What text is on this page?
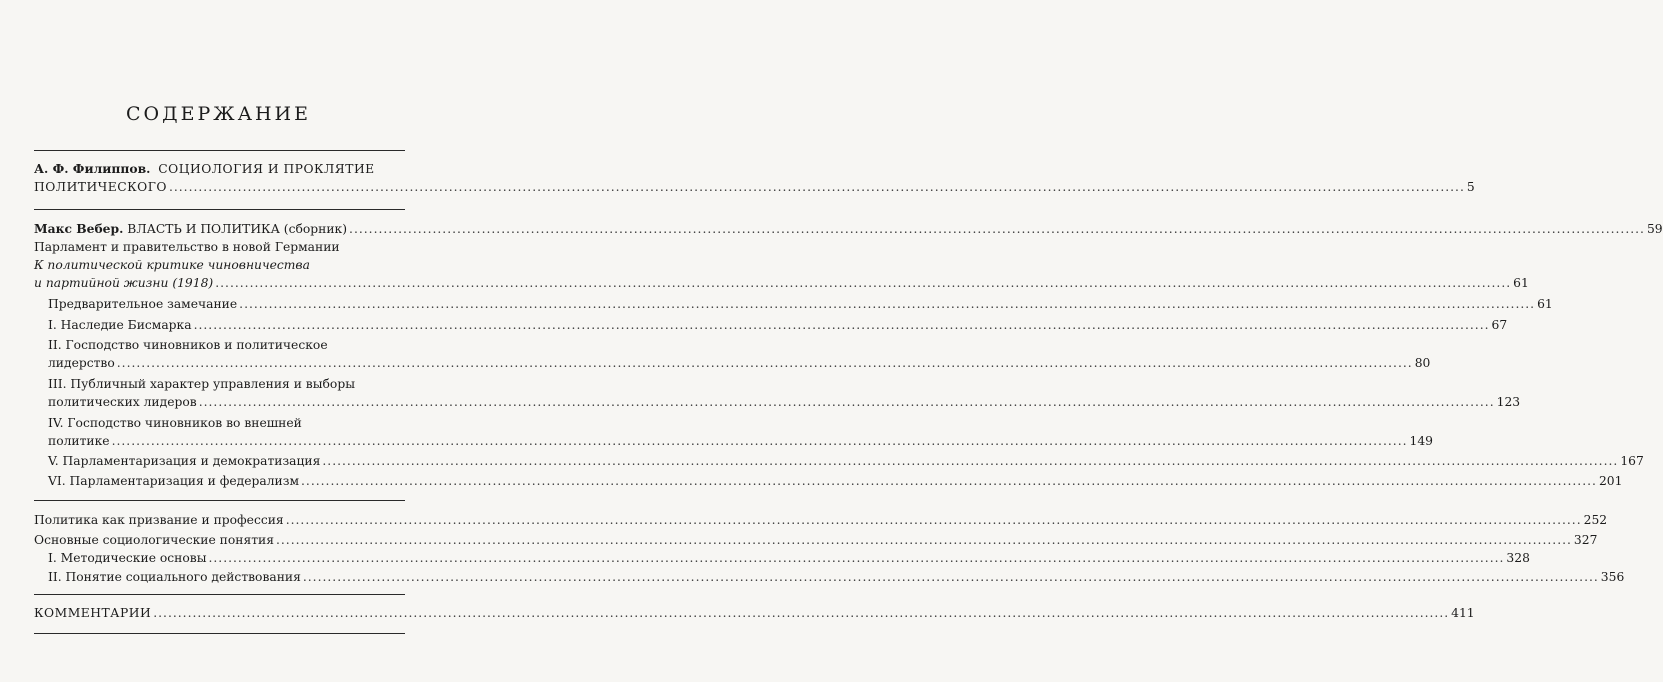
СОДЕРЖАНИЕ
А. Ф. Филиппов. СОЦИОЛОГИЯ И ПРОКЛЯТИЕ
ПОЛИТИЧЕСКОГО .....	5
Макс Вебер. ВЛАСТЬ И ПОЛИТИКА (сборник) .....	59
Парламент и правительство в новой Германии
К политической критике чиновничества
и партийной жизни (1918) .....	61
Предварительное замечание .....	61
I. Наследие Бисмарка .....	67
II. Господство чиновников и политическое
лидерство .....	80
III. Публичный характер управления и выборы
политических лидеров .....	123
IV. Господство чиновников во внешней
политике .....	149
V. Парламентаризация и демократизация .....	167
VI. Парламентаризация и федерализм .....	201
Политика как призвание и профессия .....	252
Основные социологические понятия .....	327
I. Методические основы .....	328
II. Понятие социального действования .....	356
КОММЕНТАРИИ .....	411
